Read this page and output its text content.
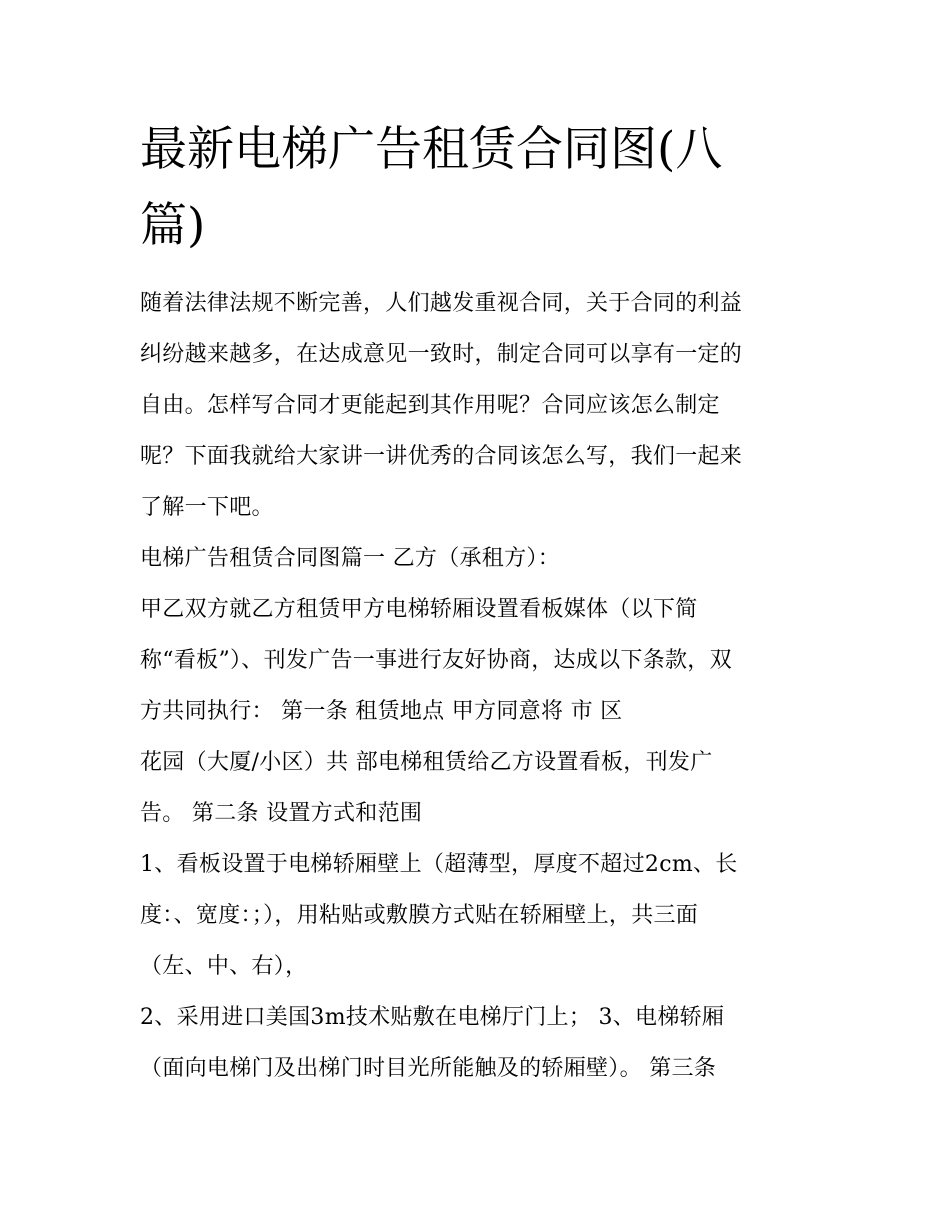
最新电梯广告租赁合同图(八篇)
随着法律法规不断完善，人们越发重视合同，关于合同的利益
纠纷越来越多，在达成意见一致时，制定合同可以享有一定的
自由。怎样写合同才更能起到其作用呢？合同应该怎么制定
呢？下面我就给大家讲一讲优秀的合同该怎么写，我们一起来
了解一下吧。
电梯广告租赁合同图篇一 乙方（承租方）：
甲乙双方就乙方租赁甲方电梯轿厢设置看板媒体（以下简
称“看板”）、刊发广告一事进行友好协商，达成以下条款，双
方共同执行： 第一条 租赁地点 甲方同意将 市 区
花园（大厦/小区）共 部电梯租赁给乙方设置看板，刊发广
告。 第二条 设置方式和范围
1、看板设置于电梯轿厢壁上（超薄型，厚度不超过2cm、长
度：、宽度：；），用粘贴或敷膜方式贴在轿厢壁上，共三面
（左、中、右），
2、采用进口美国3m技术贴敷在电梯厅门上； 3、电梯轿厢
（面向电梯门及出梯门时目光所能触及的轿厢壁）。 第三条
